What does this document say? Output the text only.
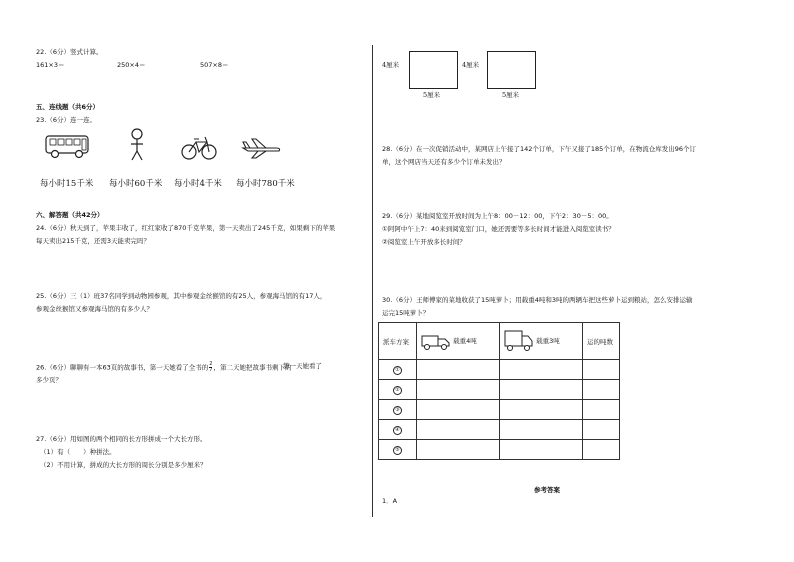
22.（6分）竖式计算。
161×3＝	250×4＝	507×8＝
五、连线题（共6分）
23.（6分）连一连。
每小时15千米 每小时60千米 每小时4千米 每小时780千米
六、解答题（共42分）
24.（6分）秋天到了，苹果丰收了，红红家收了870千克苹果，第一天卖出了245千克，如果剩下的苹果
每天卖出215千克，还需3天能卖完吗？
25.（6分）三（1）班37名同学到动物园参观，其中参观金丝猴馆的有25人，参观海马馆的有17人，
参观金丝猴馆又参观海马馆的有多少人？
26.（6分）聊聊有一本63页的故事书，第一天她看了全书的 $\frac{2}{7}$ ，第二天她把故事书剩下的
第一天她看了
多少页？
27.（6分）用如图的两个相同的长方形拼成一个大长方形。
（1）有（　　）种拼法。
（2）不用计算，拼成的大长方形的周长分别是多少厘米？
4厘米
5厘米
4厘米
5厘米
28.（6分）在一次促销活动中，某网店上午接了142个订单，下午又接了185个订单，在物流仓库发出96个订
单，这个网店当天还有多少个订单未发出？
29.（6分）某地阅览室开放时间为上午8：00－12：00，下午2：30－5：00。
①阿阿中午上7：40来到阅览室门口，她还需要等多长时间才能进入阅览室读书？
②阅览室上午开放多长时间？
30.（6分）王师傅家的菜地收获了15吨萝卜；用载重4吨和3吨的两辆车把这些萝卜运到粮站，怎么安排运输
运完15吨萝卜？
派车方案	载重4吨	载重3吨	运的吨数
①			
②			
③			
④			
⑤			
参考答案
1．A
